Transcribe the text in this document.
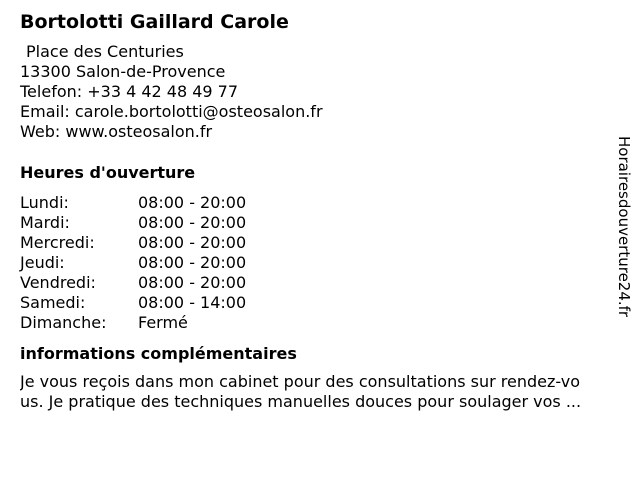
Bortolotti Gaillard Carole
Place des Centuries
13300 Salon-de-Provence
Telefon: +33 4 42 48 49 77
Email: carole.bortolotti@osteosalon.fr
Web: www.osteosalon.fr
Heures d'ouverture
Lundi:	08:00 - 20:00
Mardi:	08:00 - 20:00
Mercredi:	08:00 - 20:00
Jeudi:	08:00 - 20:00
Vendredi:	08:00 - 20:00
Samedi:	08:00 - 14:00
Dimanche:	Fermé
informations complémentaires
Je vous reçois dans mon cabinet pour des consultations sur rendez-vo
us. Je pratique des techniques manuelles douces pour soulager vos ...
Horairesdouverture24.fr
